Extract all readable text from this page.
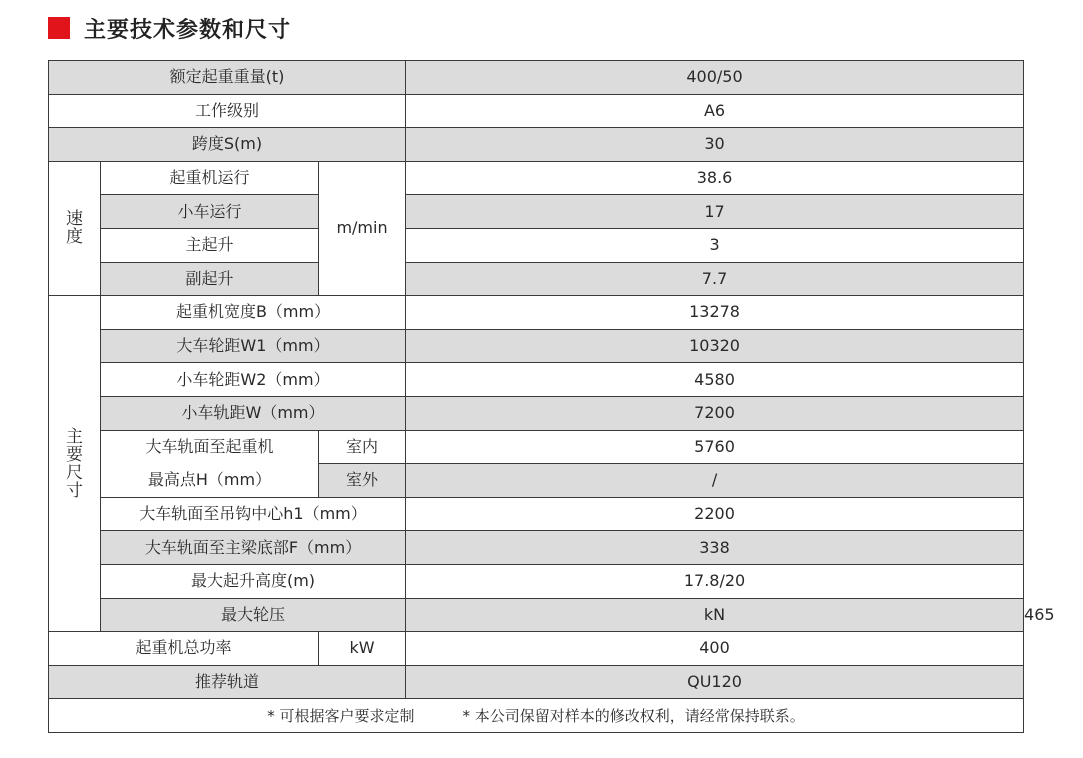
主要技术参数和尺寸
额定起重重量(t)			400/50	
工作级别			A6	
跨度S(m)			30	
速
度	起重机运行	m/min	38.6	
	小车运行		17	
	主起升		3	
	副起升		7.7	
主
要
尺
寸	起重机宽度B（mm）		13278	
	大车轮距W1（mm）		10320	
	小车轮距W2（mm）		4580	
	小车轨距W（mm）		7200	
	大车轨面至起重机	室内	5760	
	最高点H（mm）	室外	/	
	大车轨面至吊钩中心h1（mm）		2200	
	大车轨面至主梁底部F（mm）		338	
	最大起升高度(m)		17.8/20	
	最大轮压		kN	465
起重机总功率		kW	400	
推荐轨道			QU120	
* 可根据客户要求定制 * 本公司保留对样本的修改权利，请经常保持联系。				
